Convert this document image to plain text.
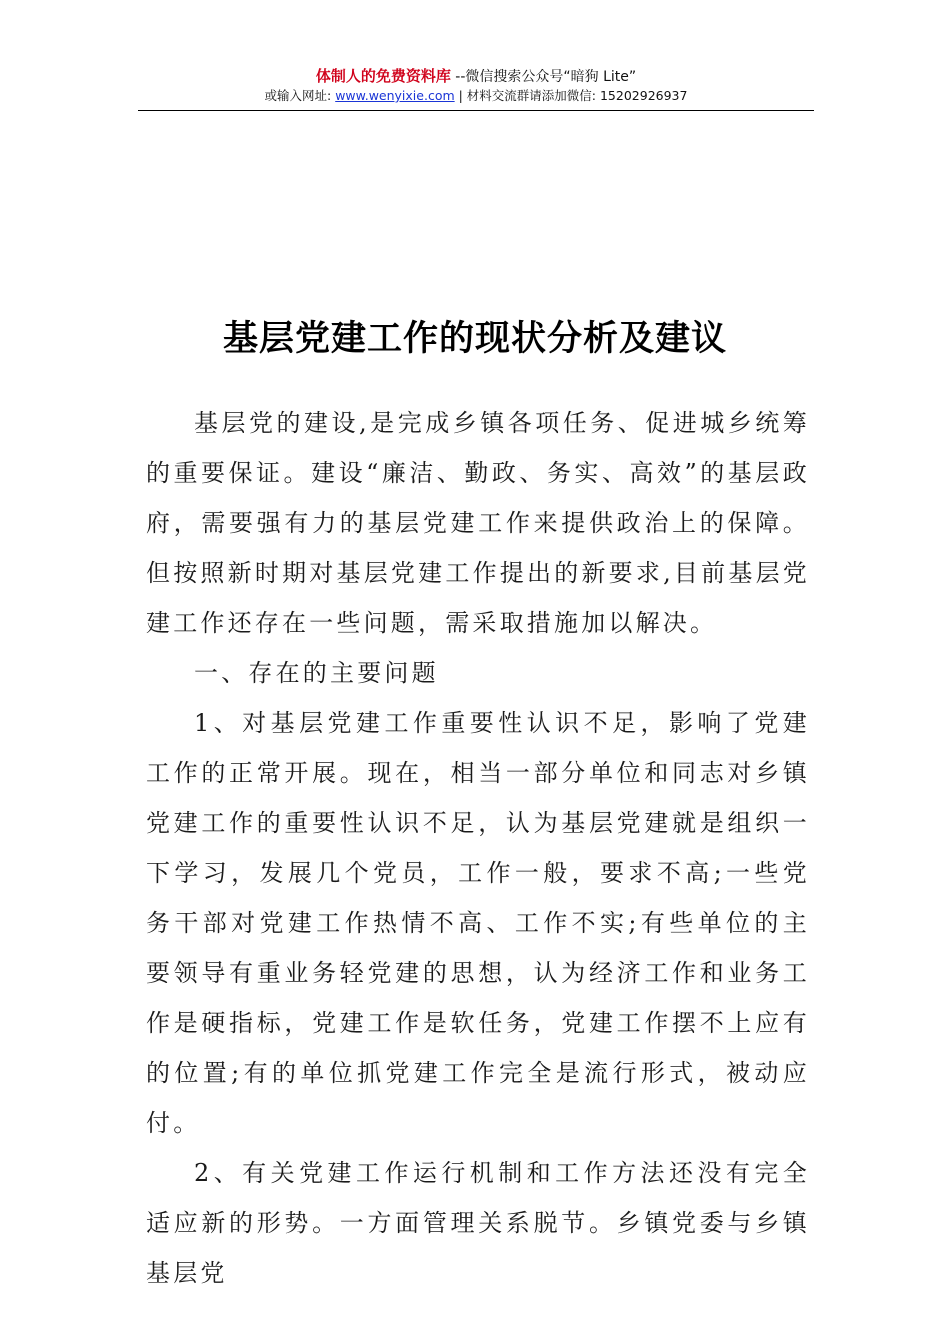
体制人的免费资料库 --微信搜索公众号“暗狗 Lite”
或输入网址: www.wenyixie.com | 材料交流群请添加微信: 15202926937
基层党建工作的现状分析及建议

基层党的建设,是完成乡镇各项任务、促进城乡统筹的重要保证。建设“廉洁、勤政、务实、高效”的基层政府，需要强有力的基层党建工作来提供政治上的保障。但按照新时期对基层党建工作提出的新要求,目前基层党建工作还存在一些问题，需采取措施加以解决。

一、存在的主要问题

1、对基层党建工作重要性认识不足，影响了党建工作的正常开展。现在，相当一部分单位和同志对乡镇党建工作的重要性认识不足，认为基层党建就是组织一下学习，发展几个党员，工作一般，要求不高;一些党务干部对党建工作热情不高、工作不实;有些单位的主要领导有重业务轻党建的思想，认为经济工作和业务工作是硬指标，党建工作是软任务，党建工作摆不上应有的位置;有的单位抓党建工作完全是流行形式，被动应付。

2、有关党建工作运行机制和工作方法还没有完全适应新的形势。一方面管理关系脱节。乡镇党委与乡镇基层党
